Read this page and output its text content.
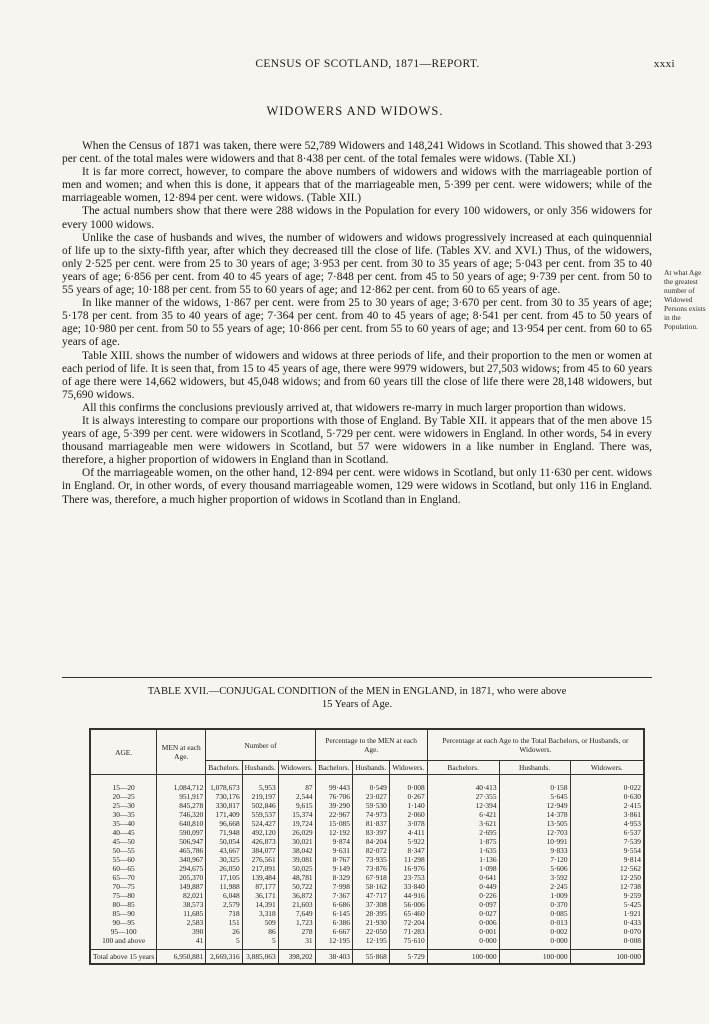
CENSUS OF SCOTLAND, 1871—REPORT.	xxxi
WIDOWERS AND WIDOWS.

When the Census of 1871 was taken, there were 52,789 Widowers and 148,241 Widows in Scotland. This showed that 3·293 per cent. of the total males were widowers and that 8·438 per cent. of the total females were widows. (Table XI.)

It is far more correct, however, to compare the above numbers of widowers and widows with the marriageable portion of men and women; and when this is done, it appears that of the marriageable men, 5·399 per cent. were widowers; while of the marriageable women, 12·894 per cent. were widows. (Table XII.)

The actual numbers show that there were 288 widows in the Population for every 100 widowers, or only 356 widowers for every 1000 widows.

Unlike the case of husbands and wives, the number of widowers and widows progressively increased at each quinquennial of life up to the sixty-fifth year, after which they decreased till the close of life. (Tables XV. and XVI.) Thus, of the widowers, only 2·525 per cent. were from 25 to 30 years of age; 3·953 per cent. from 30 to 35 years of age; 5·043 per cent. from 35 to 40 years of age; 6·856 per cent. from 40 to 45 years of age; 7·848 per cent. from 45 to 50 years of age; 9·739 per cent. from 50 to 55 years of age; 10·188 per cent. from 55 to 60 years of age; and 12·862 per cent. from 60 to 65 years of age.

In like manner of the widows, 1·867 per cent. were from 25 to 30 years of age; 3·670 per cent. from 30 to 35 years of age; 5·178 per cent. from 35 to 40 years of age; 7·364 per cent. from 40 to 45 years of age; 8·541 per cent. from 45 to 50 years of age; 10·980 per cent. from 50 to 55 years of age; 10·866 per cent. from 55 to 60 years of age; and 13·954 per cent. from 60 to 65 years of age.

Table XIII. shows the number of widowers and widows at three periods of life, and their proportion to the men or women at each period of life. It is seen that, from 15 to 45 years of age, there were 9979 widowers, but 27,503 widows; from 45 to 60 years of age there were 14,662 widowers, but 45,048 widows; and from 60 years till the close of life there were 28,148 widowers, but 75,690 widows.

All this confirms the conclusions previously arrived at, that widowers re-marry in much larger proportion than widows.

It is always interesting to compare our proportions with those of England. By Table XII. it appears that of the men above 15 years of age, 5·399 per cent. were widowers in Scotland, 5·729 per cent. were widowers in England. In other words, 54 in every thousand marriageable men were widowers in Scotland, but 57 were widowers in a like number in England. There was, therefore, a higher proportion of widowers in England than in Scotland.

Of the marriageable women, on the other hand, 12·894 per cent. were widows in Scotland, but only 11·630 per cent. widows in England. Or, in other words, of every thousand marriageable women, 129 were widows in Scotland, but only 116 in England. There was, therefore, a much higher proportion of widows in Scotland than in England.

At what Age the greatest number of Widowed Persons exists in the Population.
TABLE XVII.—CONJUGAL CONDITION of the MEN in ENGLAND, in 1871, who were above
15 Years of Age.
AGE.	MEN at each Age.	Number of			Percentage to the MEN at each Age.			Percentage at each Age to the Total Bachelors, or Husbands, or Widowers.		
		Bachelors.	Husbands.	Widowers.	Bachelors.	Husbands.	Widowers.	Bachelors.	Husbands.	Widowers.
15—20	1,084,712	1,078,673	5,953	87	99·443	0·549	0·008	40·413	0·158	0·022
20—25	951,917	730,176	219,197	2,544	76·706	23·027	0·267	27·355	5·645	0·630
25—30	845,278	330,817	502,846	9,615	39·290	59·530	1·140	12·394	12·949	2·415
30—35	746,320	171,409	559,537	15,374	22·967	74·973	2·060	6·421	14·378	3·861
35—40	640,810	96,668	524,427	19,724	15·085	81·837	3·078	3·621	13·505	4·953
40—45	590,097	71,948	492,120	26,029	12·192	83·397	4·411	2·695	12·703	6·537
45—50	506,947	50,054	426,873	30,021	9·874	84·204	5·922	1·875	10·991	7·539
50—55	465,786	43,667	384,077	38,042	9·631	82·072	8·347	1·635	9·833	9·554
55—60	340,967	30,325	276,561	39,081	8·767	73·935	11·298	1·136	7·120	9·814
60—65	294,675	26,050	217,091	50,025	9·149	73·876	16·976	1·098	5·606	12·562
65—70	205,370	17,105	139,484	48,781	8·329	67·918	23·753	0·641	3·592	12·250
70—75	149,887	11,988	87,177	50,722	7·998	58·162	33·840	0·449	2·245	12·738
75—80	82,021	6,048	36,171	36,872	7·367	47·717	44·916	0·226	1·009	9·259
80—85	38,573	2,579	14,391	21,603	6·686	37·308	56·006	0·097	0·370	5·425
85—90	11,685	718	3,318	7,649	6·145	28·395	65·460	0·027	0·085	1·921
90—95	2,583	151	509	1,723	6·386	21·930	72·204	0·006	0·013	0·433
95—100	390	26	86	278	6·667	22·050	71·283	0·001	0·002	0·070
100 and above	41	5	5	31	12·195	12·195	75·610	0·000	0·000	0·008
Total above 15 years	6,950,881	2,669,316	3,885,063	398,202	38·403	55·868	5·729	100·000	100·000	100·000
